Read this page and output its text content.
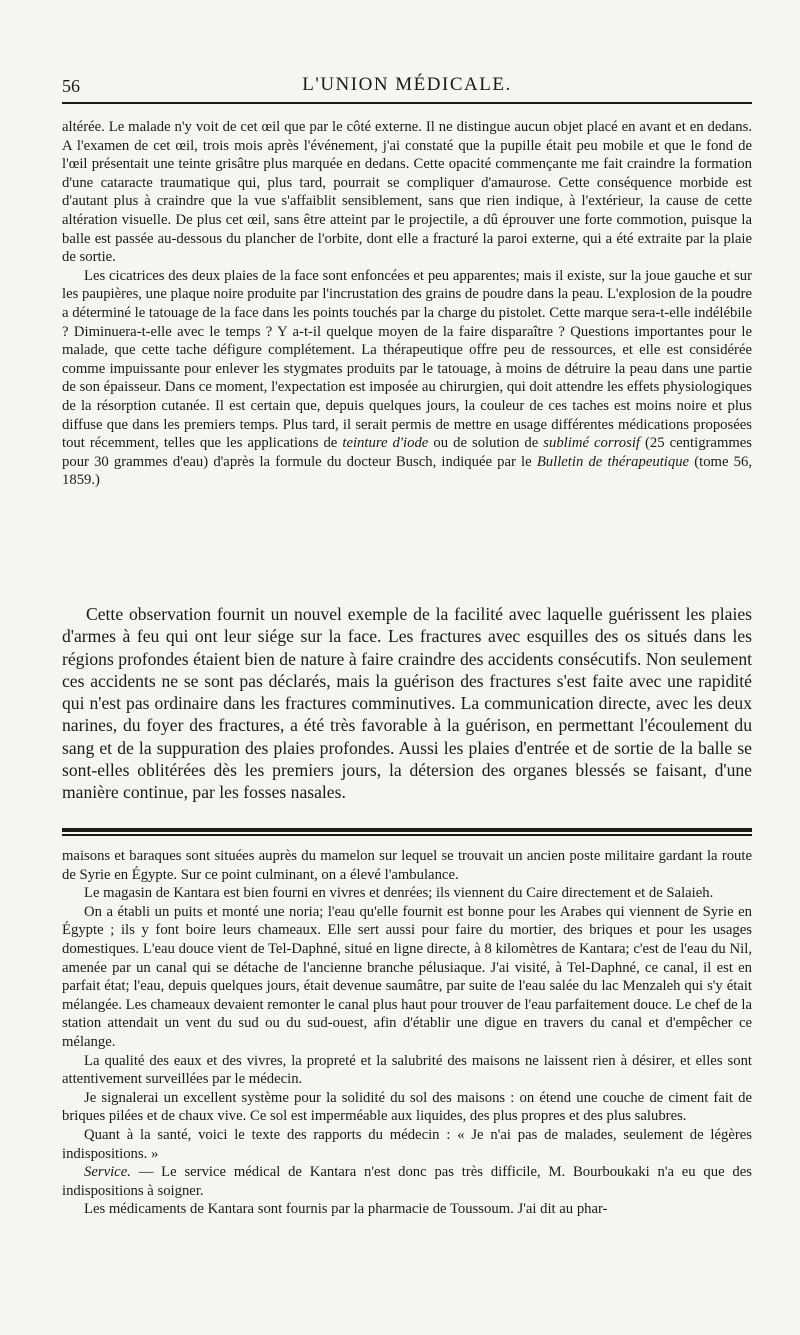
56	L'UNION MÉDICALE.

altérée. Le malade n'y voit de cet œil que par le côté externe. Il ne distingue aucun objet placé en avant et en dedans. A l'examen de cet œil, trois mois après l'événement, j'ai constaté que la pupille était peu mobile et que le fond de l'œil présentait une teinte grisâtre plus marquée en dedans. Cette opacité commençante me fait craindre la formation d'une cataracte traumatique qui, plus tard, pourrait se compliquer d'amaurose. Cette conséquence morbide est d'autant plus à craindre que la vue s'affaiblit sensiblement, sans que rien indique, à l'extérieur, la cause de cette altération visuelle. De plus cet œil, sans être atteint par le projectile, a dû éprouver une forte commotion, puisque la balle est passée au-dessous du plancher de l'orbite, dont elle a fracturé la paroi externe, qui a été extraite par la plaie de sortie.

Les cicatrices des deux plaies de la face sont enfoncées et peu apparentes; mais il existe, sur la joue gauche et sur les paupières, une plaque noire produite par l'incrustation des grains de poudre dans la peau. L'explosion de la poudre a déterminé le tatouage de la face dans les points touchés par la charge du pistolet. Cette marque sera-t-elle indélébile ? Diminuera-t-elle avec le temps ? Y a-t-il quelque moyen de la faire disparaître ? Questions importantes pour le malade, que cette tache défigure complétement. La thérapeutique offre peu de ressources, et elle est considérée comme impuissante pour enlever les stygmates produits par le tatouage, à moins de détruire la peau dans une partie de son épaisseur. Dans ce moment, l'expectation est imposée au chirurgien, qui doit attendre les effets physiologiques de la résorption cutanée. Il est certain que, depuis quelques jours, la couleur de ces taches est moins noire et plus diffuse que dans les premiers temps. Plus tard, il serait permis de mettre en usage différentes médications proposées tout récemment, telles que les applications de teinture d'iode ou de solution de sublimé corrosif (25 centigrammes pour 30 grammes d'eau) d'après la formule du docteur Busch, indiquée par le Bulletin de thérapeutique (tome 56, 1859.)

Cette observation fournit un nouvel exemple de la facilité avec laquelle guérissent les plaies d'armes à feu qui ont leur siége sur la face. Les fractures avec esquilles des os situés dans les régions profondes étaient bien de nature à faire craindre des accidents consécutifs. Non seulement ces accidents ne se sont pas déclarés, mais la guérison des fractures s'est faite avec une rapidité qui n'est pas ordinaire dans les fractures comminutives. La communication directe, avec les deux narines, du foyer des fractures, a été très favorable à la guérison, en permettant l'écoulement du sang et de la suppuration des plaies profondes. Aussi les plaies d'entrée et de sortie de la balle se sont-elles oblitérées dès les premiers jours, la détersion des organes blessés se faisant, d'une manière continue, par les fosses nasales.

maisons et baraques sont situées auprès du mamelon sur lequel se trouvait un ancien poste militaire gardant la route de Syrie en Égypte. Sur ce point culminant, on a élevé l'ambulance.

Le magasin de Kantara est bien fourni en vivres et denrées; ils viennent du Caire directement et de Salaieh.

On a établi un puits et monté une noria; l'eau qu'elle fournit est bonne pour les Arabes qui viennent de Syrie en Égypte ; ils y font boire leurs chameaux. Elle sert aussi pour faire du mortier, des briques et pour les usages domestiques. L'eau douce vient de Tel-Daphné, situé en ligne directe, à 8 kilomètres de Kantara; c'est de l'eau du Nil, amenée par un canal qui se détache de l'ancienne branche pélusiaque. J'ai visité, à Tel-Daphné, ce canal, il est en parfait état; l'eau, depuis quelques jours, était devenue saumâtre, par suite de l'eau salée du lac Menzaleh qui s'y était mélangée. Les chameaux devaient remonter le canal plus haut pour trouver de l'eau parfaitement douce. Le chef de la station attendait un vent du sud ou du sud-ouest, afin d'établir une digue en travers du canal et d'empêcher ce mélange.

La qualité des eaux et des vivres, la propreté et la salubrité des maisons ne laissent rien à désirer, et elles sont attentivement surveillées par le médecin.

Je signalerai un excellent système pour la solidité du sol des maisons : on étend une couche de ciment fait de briques pilées et de chaux vive. Ce sol est imperméable aux liquides, des plus propres et des plus salubres.

Quant à la santé, voici le texte des rapports du médecin : « Je n'ai pas de malades, seulement de légères indispositions. »

Service. — Le service médical de Kantara n'est donc pas très difficile, M. Bourboukaki n'a eu que des indispositions à soigner.

Les médicaments de Kantara sont fournis par la pharmacie de Toussoum. J'ai dit au phar-
